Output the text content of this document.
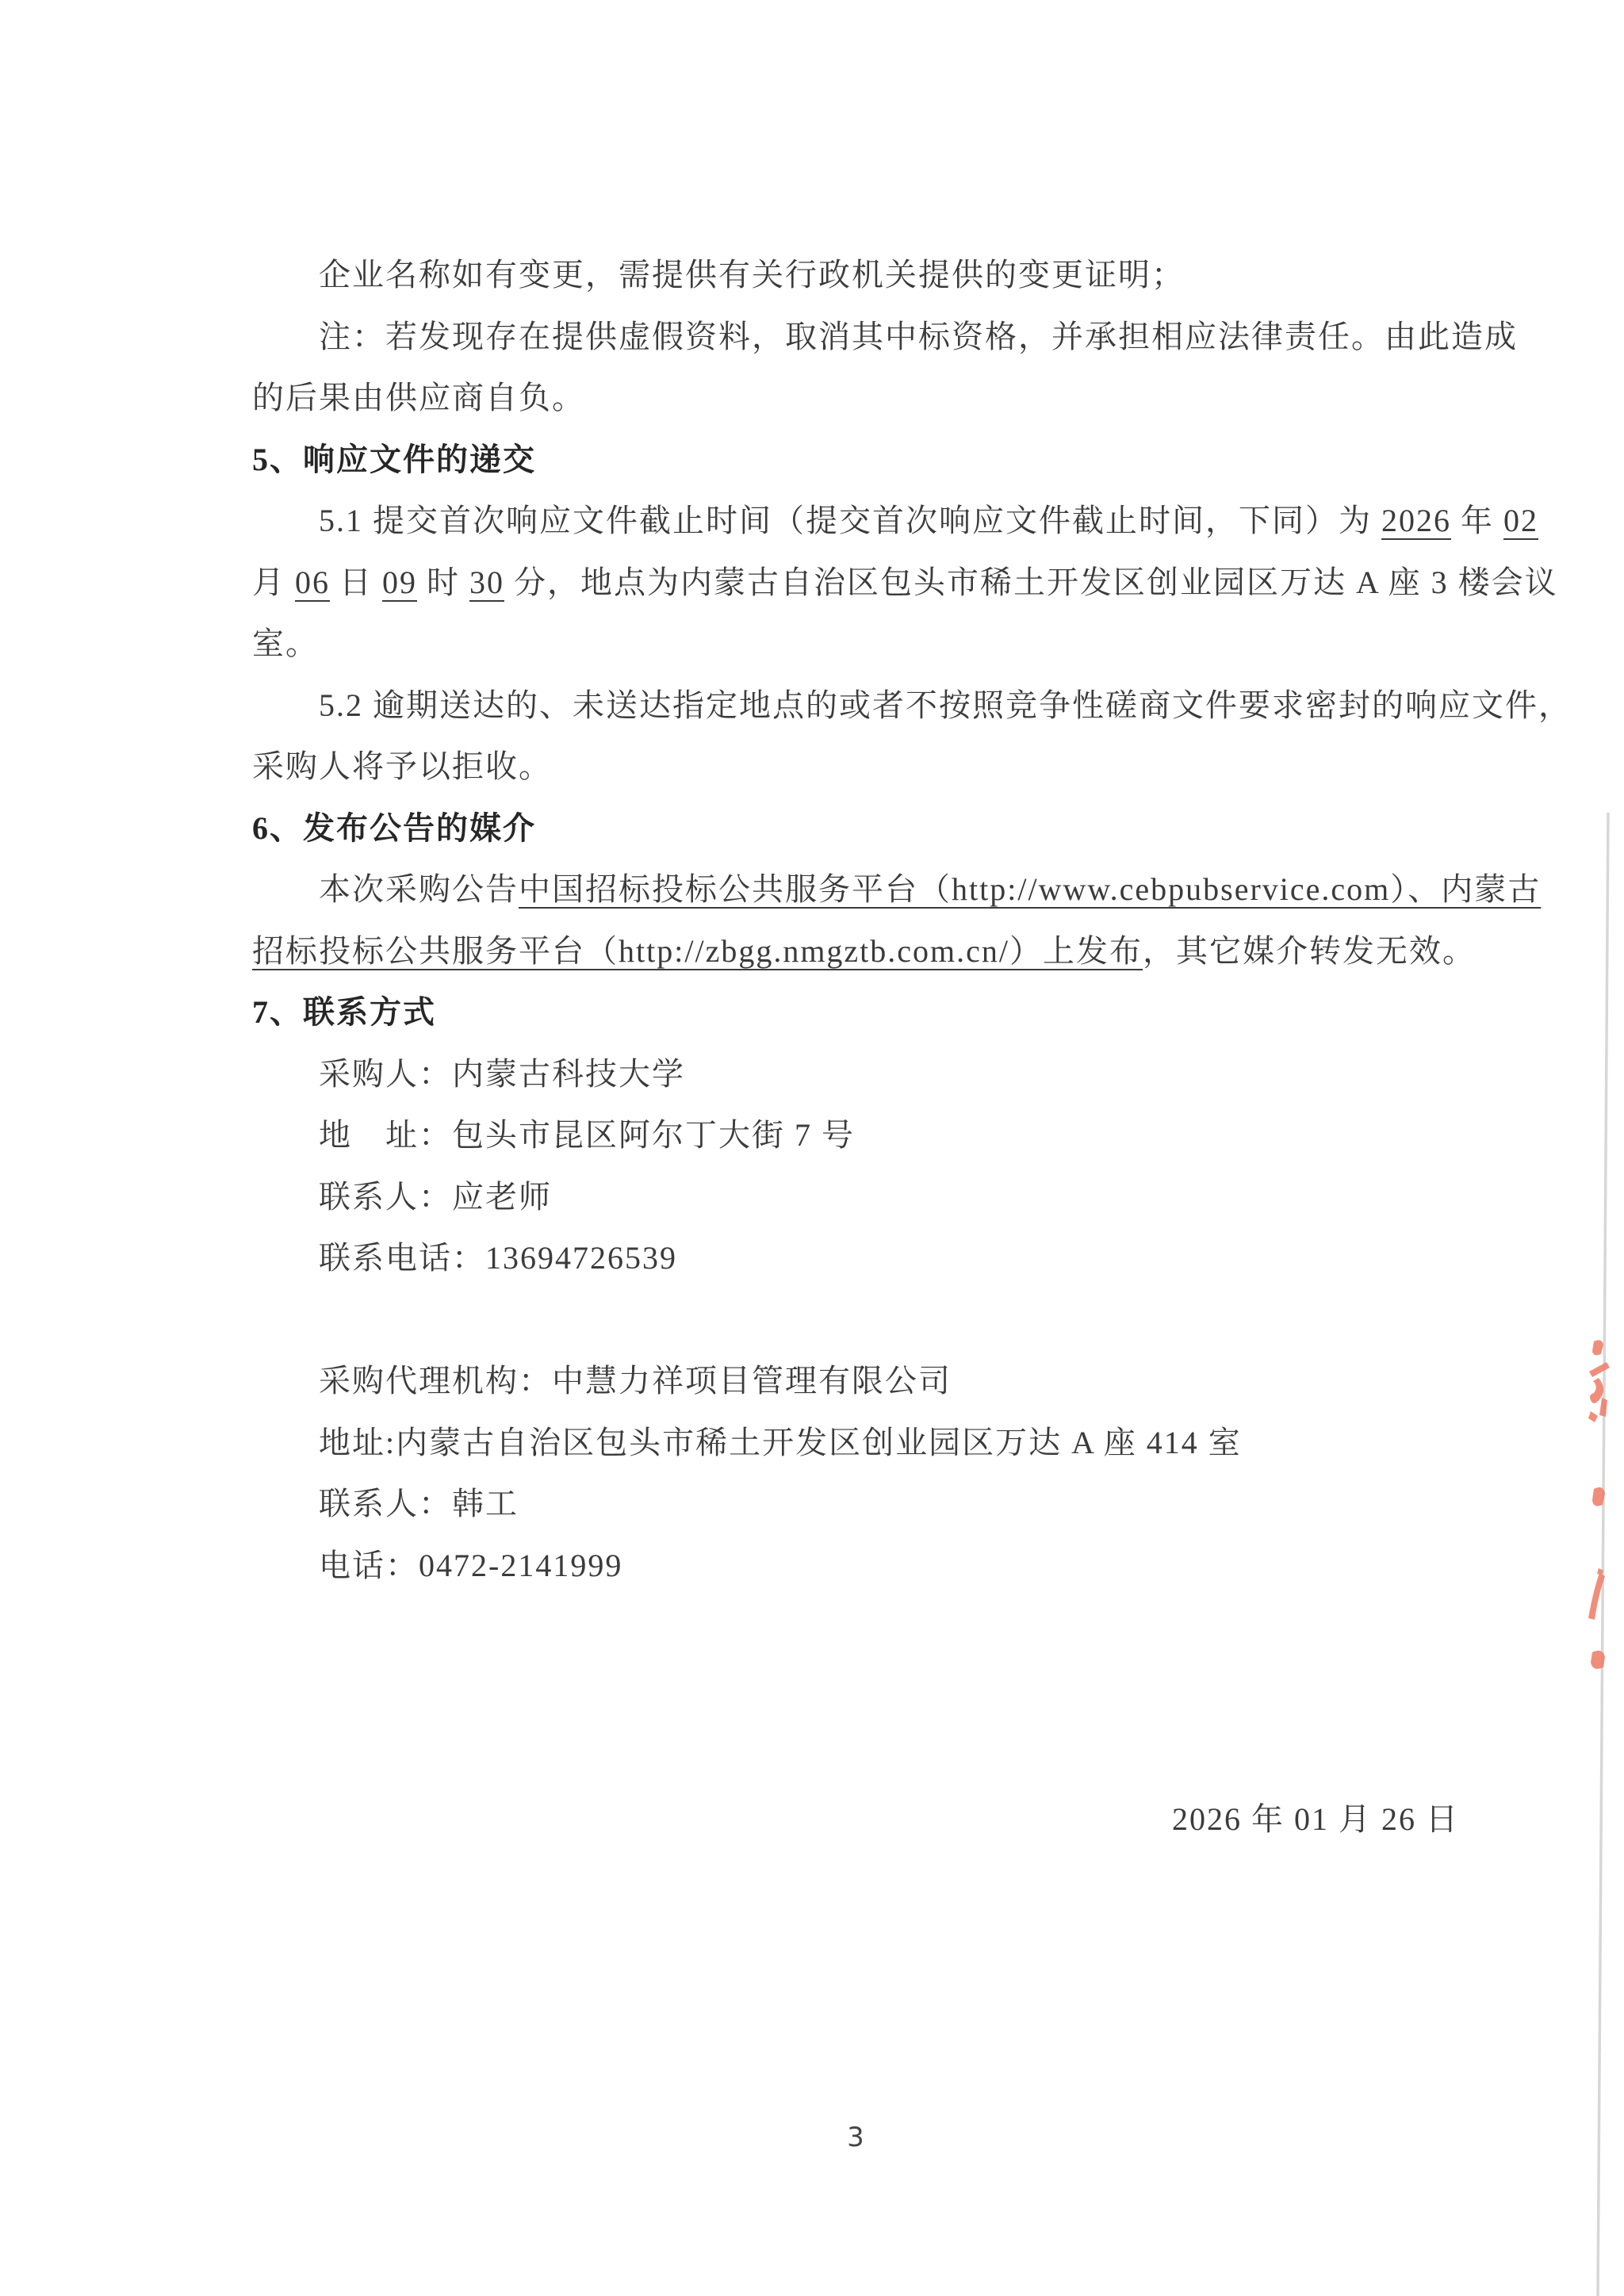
企业名称如有变更，需提供有关行政机关提供的变更证明；
注：若发现存在提供虚假资料，取消其中标资格，并承担相应法律责任。由此造成
的后果由供应商自负。
5、响应文件的递交
5.1 提交首次响应文件截止时间（提交首次响应文件截止时间，下同）为 2026 年 02
月 06 日 09 时 30 分，地点为内蒙古自治区包头市稀土开发区创业园区万达 A 座 3 楼会议
室。
5.2 逾期送达的、未送达指定地点的或者不按照竞争性磋商文件要求密封的响应文件，
采购人将予以拒收。
6、发布公告的媒介
本次采购公告中国招标投标公共服务平台（http://www.cebpubservice.com）、内蒙古
招标投标公共服务平台（http://zbgg.nmgztb.com.cn/）上发布，其它媒介转发无效。
7、联系方式
采购人：内蒙古科技大学
地　址：包头市昆区阿尔丁大街 7 号
联系人：应老师
联系电话：13694726539
采购代理机构：中慧力祥项目管理有限公司
地址:内蒙古自治区包头市稀土开发区创业园区万达 A 座 414 室
联系人：韩工
电话：0472-2141999
2026 年 01 月 26 日
3
